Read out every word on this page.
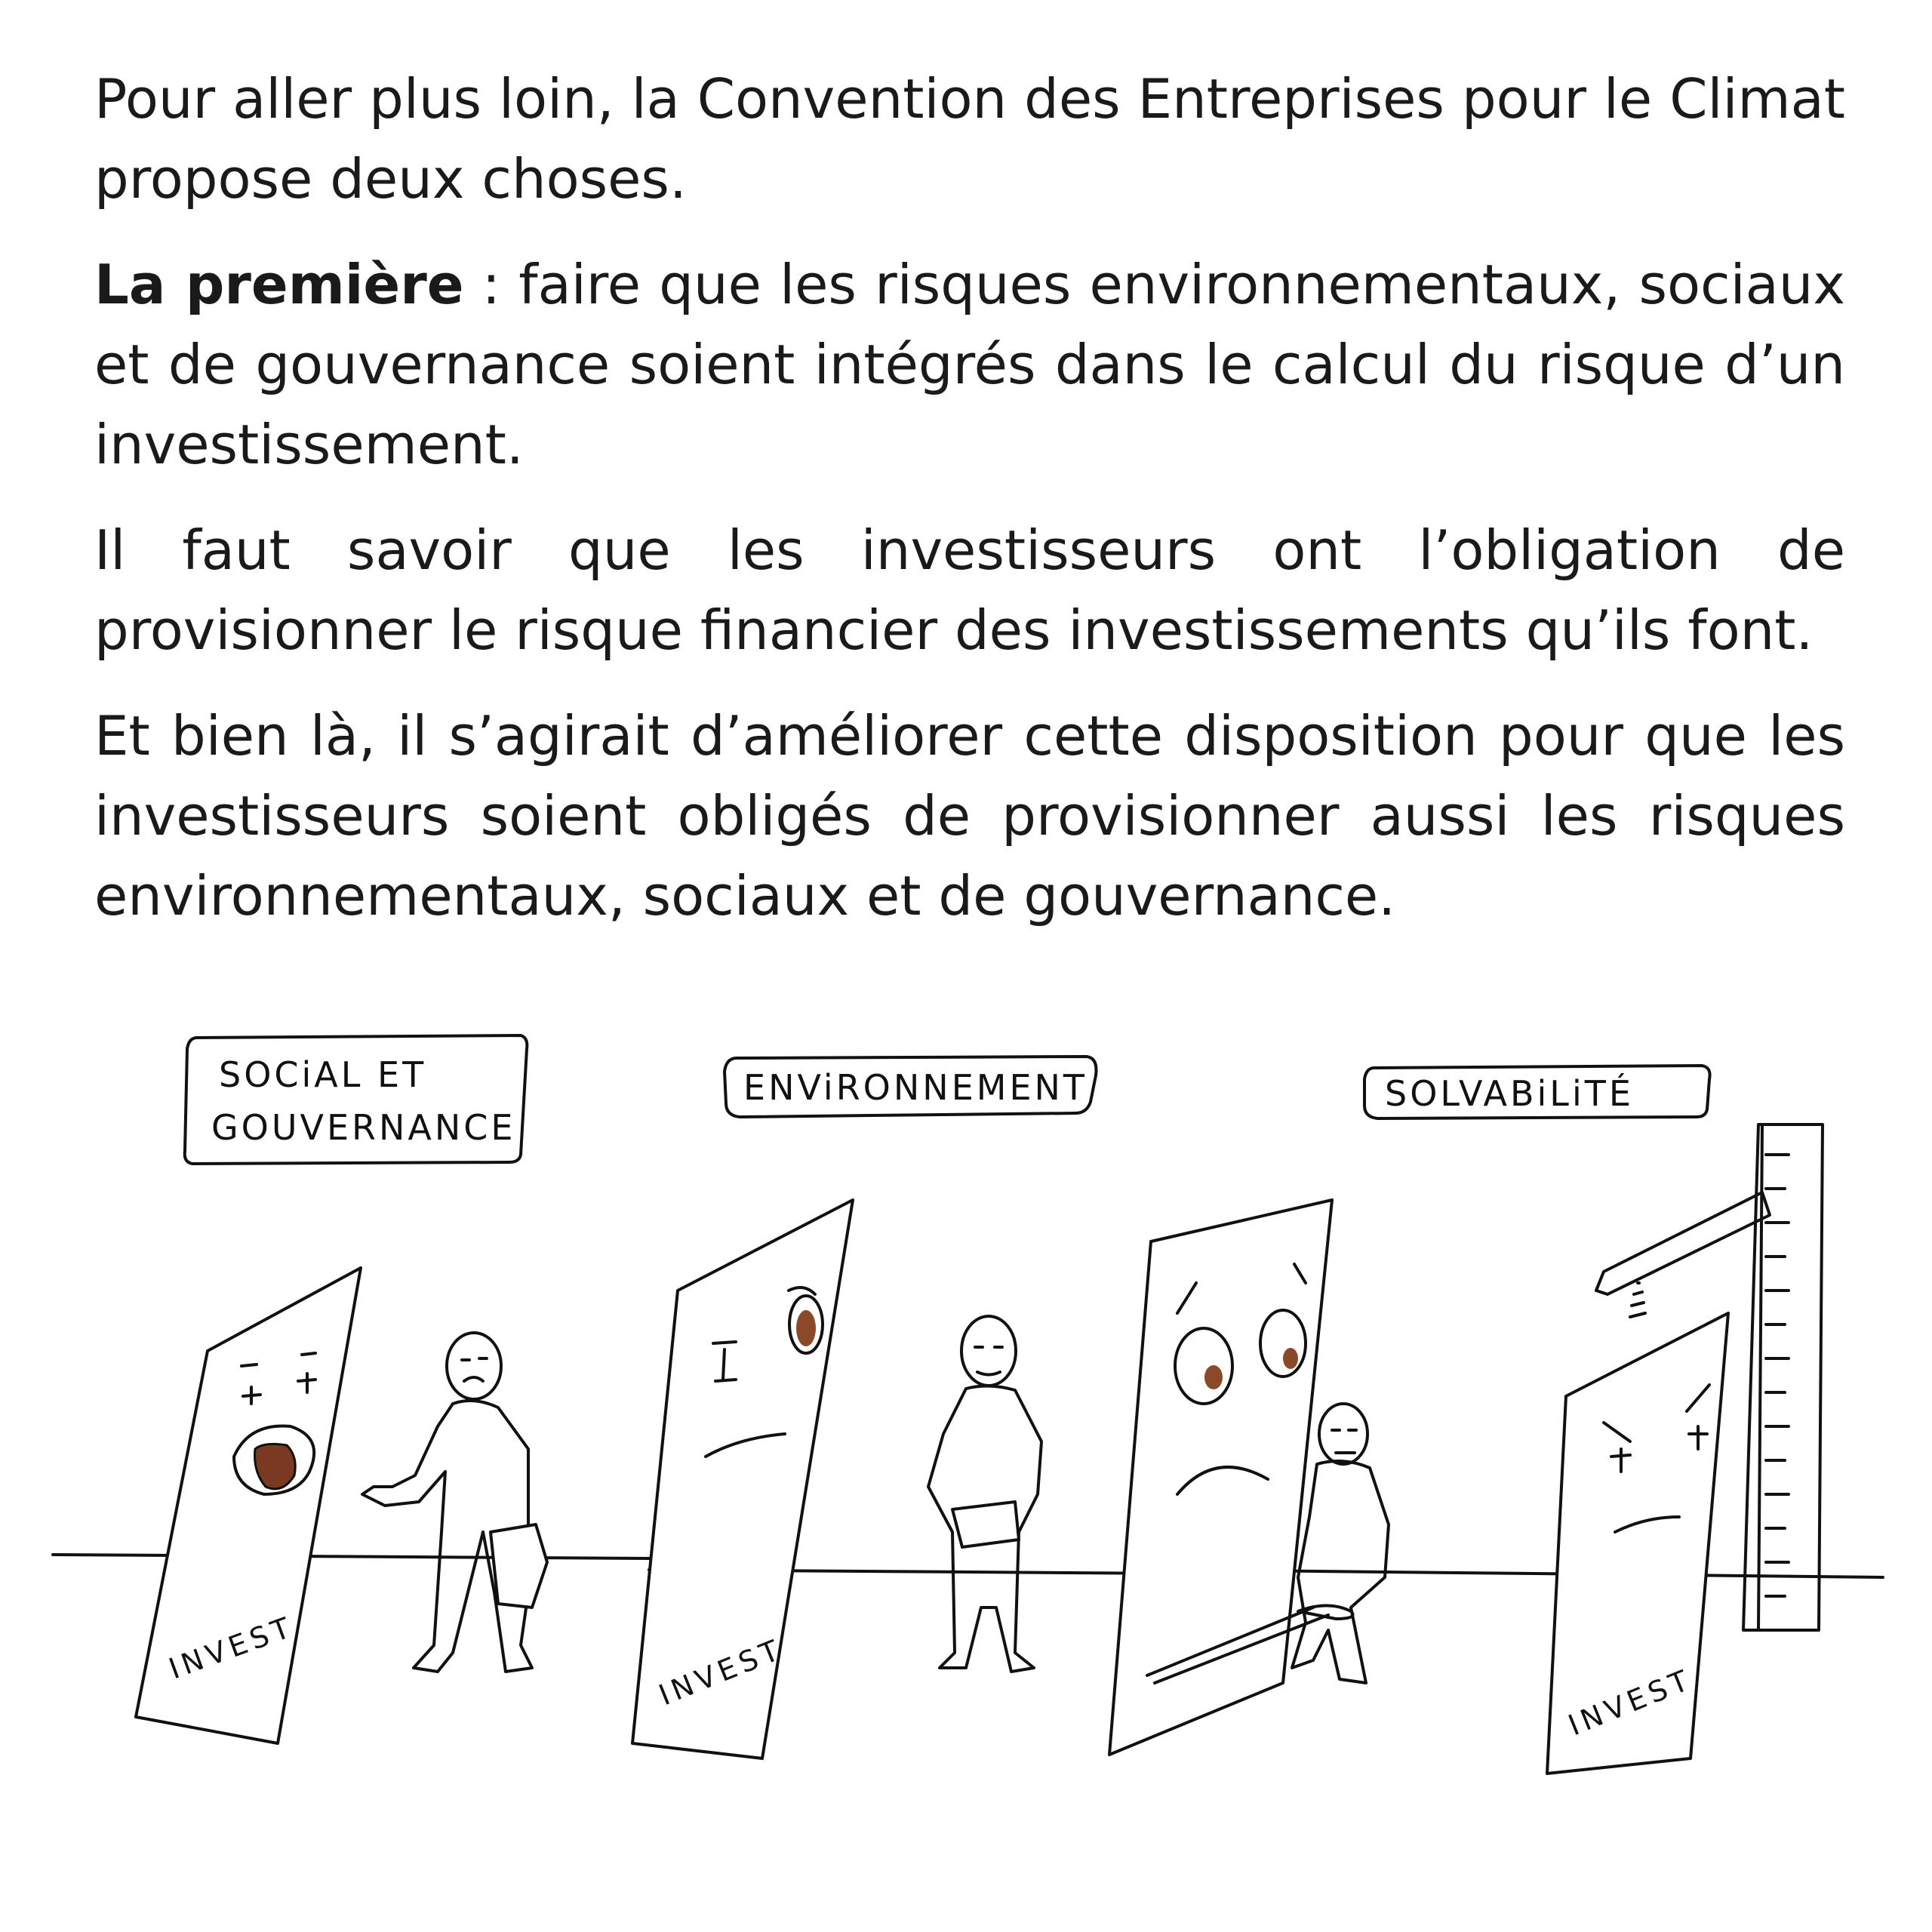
Pour aller plus loin, la Convention des Entreprises pour le Climat propose deux choses.

La première : faire que les risques environnementaux, sociaux et de gouvernance soient intégrés dans le calcul du risque d’un investissement.

Il faut savoir que les investisseurs ont l’obligation de provisionner le risque financier des investissements qu’ils font.

Et bien là, il s’agirait d’améliorer cette disposition pour que les investisseurs soient obligés de provisionner aussi les risques environnementaux, sociaux et de gouvernance.

SOCiAL ET
GOUVERNANCE
ENViRONNEMENT	SOLVABiLiTÉ
INVEST	INVEST	INVEST
